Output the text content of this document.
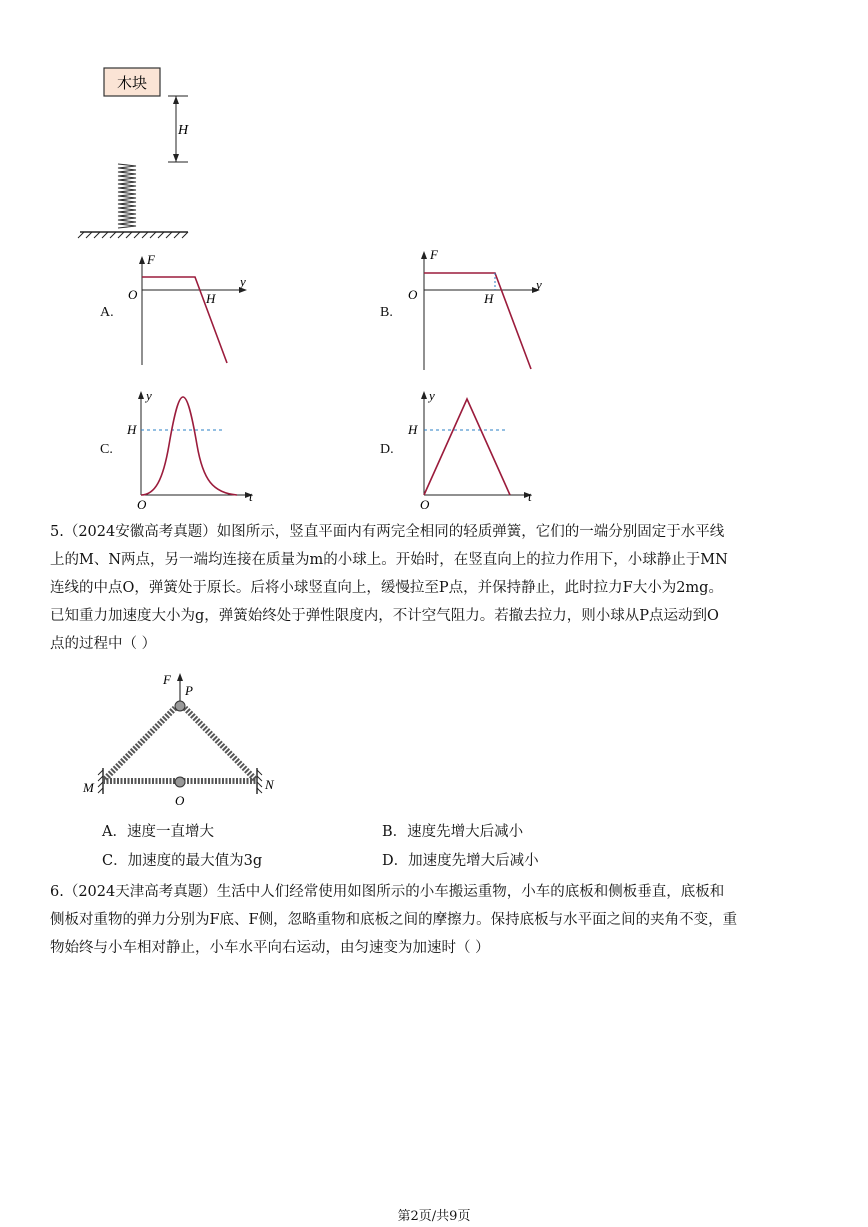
木块
H
A.
F
O
y
H
B.
F
O
y
H
C.
y
O
t
H
D.
y
O
t
H
5.（2024安徽高考真题）如图所示，竖直平面内有两完全相同的轻质弹簧，它们的一端分别固定于水平线
上的M、N两点，另一端均连接在质量为m的小球上。开始时，在竖直向上的拉力作用下，小球静止于MN
连线的中点O，弹簧处于原长。后将小球竖直向上，缓慢拉至P点，并保持静止，此时拉力F大小为2mg。
已知重力加速度大小为g，弹簧始终处于弹性限度内，不计空气阻力。若撤去拉力，则小球从P点运动到O
点的过程中（ ）
F
P
M	N
O
A．速度一直增大	B．速度先增大后减小
C．加速度的最大值为3g	D．加速度先增大后减小
6.（2024天津高考真题）生活中人们经常使用如图所示的小车搬运重物，小车的底板和侧板垂直，底板和
侧板对重物的弹力分别为F底、F侧，忽略重物和底板之间的摩擦力。保持底板与水平面之间的夹角不变，重
物始终与小车相对静止，小车水平向右运动，由匀速变为加速时（ ）
第2页/共9页
